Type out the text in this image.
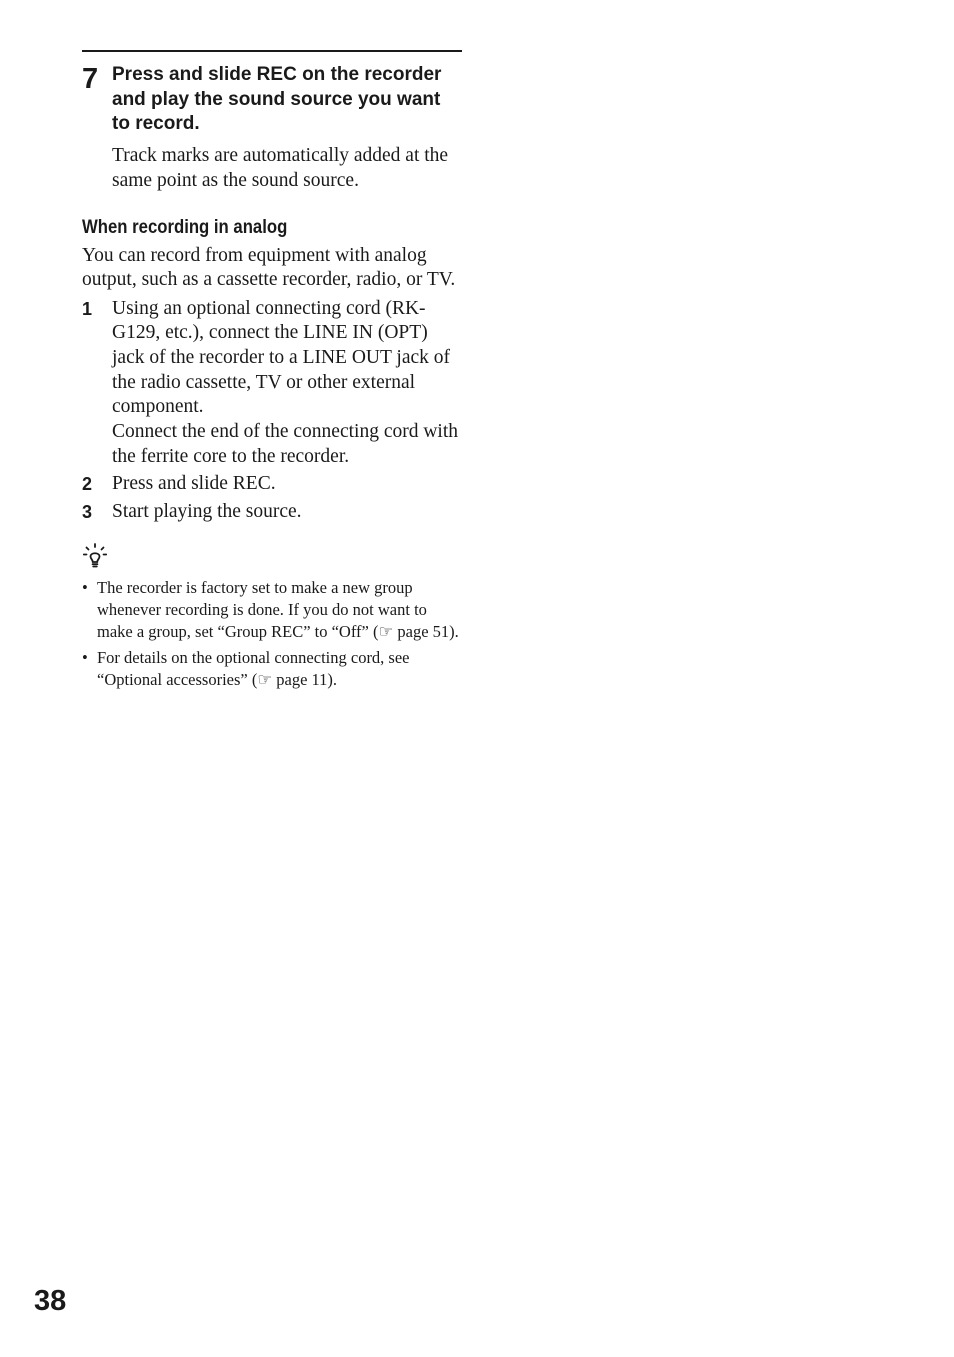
7 Press and slide REC on the recorder and play the sound source you want to record.

Track marks are automatically added at the same point as the sound source.

When recording in analog

You can record from equipment with analog output, such as a cassette recorder, radio, or TV.

1 Using an optional connecting cord (RK-G129, etc.), connect the LINE IN (OPT) jack of the recorder to a LINE OUT jack of the radio cassette, TV or other external component.
Connect the end of the connecting cord with the ferrite core to the recorder.
2 Press and slide REC.
3 Start playing the source.
• The recorder is factory set to make a new group whenever recording is done. If you do not want to make a group, set “Group REC” to “Off” (☞ page 51).
• For details on the optional connecting cord, see “Optional accessories” (☞ page 11).
38
